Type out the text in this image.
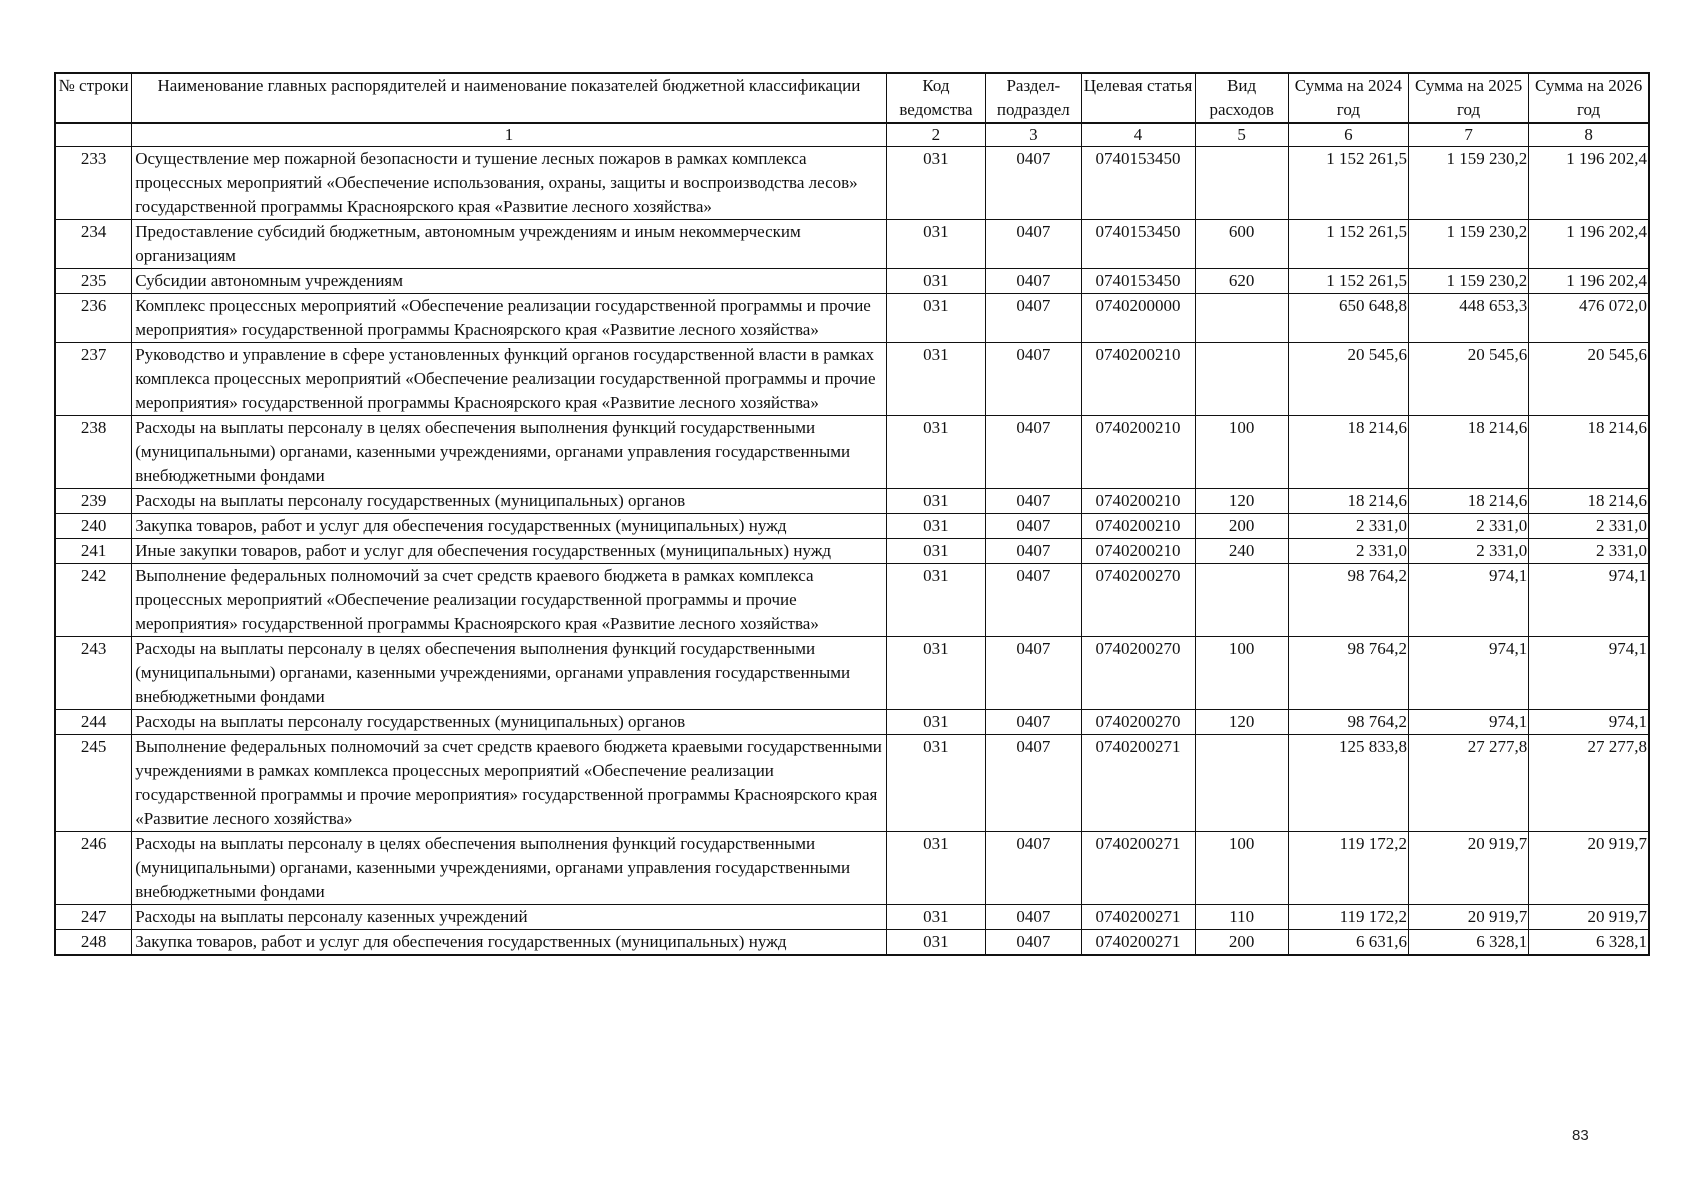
№ строки	Наименование главных распорядителей и наименование показателей бюджетной классификации	Код ведомства	Раздел-подраздел	Целевая статья	Вид расходов	Сумма на 2024 год	Сумма на 2025 год	Сумма на 2026 год
	1	2	3	4	5	6	7	8
233	Осуществление мер пожарной безопасности и тушение лесных пожаров в рамках комплекса процессных мероприятий «Обеспечение использования, охраны, защиты и воспроизводства лесов» государственной программы Красноярского края «Развитие лесного хозяйства»	031	0407	0740153450		1 152 261,5	1 159 230,2	1 196 202,4
234	Предоставление субсидий бюджетным, автономным учреждениям и иным некоммерческим организациям	031	0407	0740153450	600	1 152 261,5	1 159 230,2	1 196 202,4
235	Субсидии автономным учреждениям	031	0407	0740153450	620	1 152 261,5	1 159 230,2	1 196 202,4
236	Комплекс процессных мероприятий «Обеспечение реализации государственной программы и прочие мероприятия» государственной программы Красноярского края «Развитие лесного хозяйства»	031	0407	0740200000		650 648,8	448 653,3	476 072,0
237	Руководство и управление в сфере установленных функций органов государственной власти в рамках комплекса процессных мероприятий «Обеспечение реализации государственной программы и прочие мероприятия» государственной программы Красноярского края «Развитие лесного хозяйства»	031	0407	0740200210		20 545,6	20 545,6	20 545,6
238	Расходы на выплаты персоналу в целях обеспечения выполнения функций государственными (муниципальными) органами, казенными учреждениями, органами управления государственными внебюджетными фондами	031	0407	0740200210	100	18 214,6	18 214,6	18 214,6
239	Расходы на выплаты персоналу государственных (муниципальных) органов	031	0407	0740200210	120	18 214,6	18 214,6	18 214,6
240	Закупка товаров, работ и услуг для обеспечения государственных (муниципальных) нужд	031	0407	0740200210	200	2 331,0	2 331,0	2 331,0
241	Иные закупки товаров, работ и услуг для обеспечения государственных (муниципальных) нужд	031	0407	0740200210	240	2 331,0	2 331,0	2 331,0
242	Выполнение федеральных полномочий за счет средств краевого бюджета в рамках комплекса процессных мероприятий «Обеспечение реализации государственной программы и прочие мероприятия» государственной программы Красноярского края «Развитие лесного хозяйства»	031	0407	0740200270		98 764,2	974,1	974,1
243	Расходы на выплаты персоналу в целях обеспечения выполнения функций государственными (муниципальными) органами, казенными учреждениями, органами управления государственными внебюджетными фондами	031	0407	0740200270	100	98 764,2	974,1	974,1
244	Расходы на выплаты персоналу государственных (муниципальных) органов	031	0407	0740200270	120	98 764,2	974,1	974,1
245	Выполнение федеральных полномочий за счет средств краевого бюджета краевыми государственными учреждениями в рамках комплекса процессных мероприятий «Обеспечение реализации государственной программы и прочие мероприятия» государственной программы Красноярского края «Развитие лесного хозяйства»	031	0407	0740200271		125 833,8	27 277,8	27 277,8
246	Расходы на выплаты персоналу в целях обеспечения выполнения функций государственными (муниципальными) органами, казенными учреждениями, органами управления государственными внебюджетными фондами	031	0407	0740200271	100	119 172,2	20 919,7	20 919,7
247	Расходы на выплаты персоналу казенных учреждений	031	0407	0740200271	110	119 172,2	20 919,7	20 919,7
248	Закупка товаров, работ и услуг для обеспечения государственных (муниципальных) нужд	031	0407	0740200271	200	6 631,6	6 328,1	6 328,1
83
